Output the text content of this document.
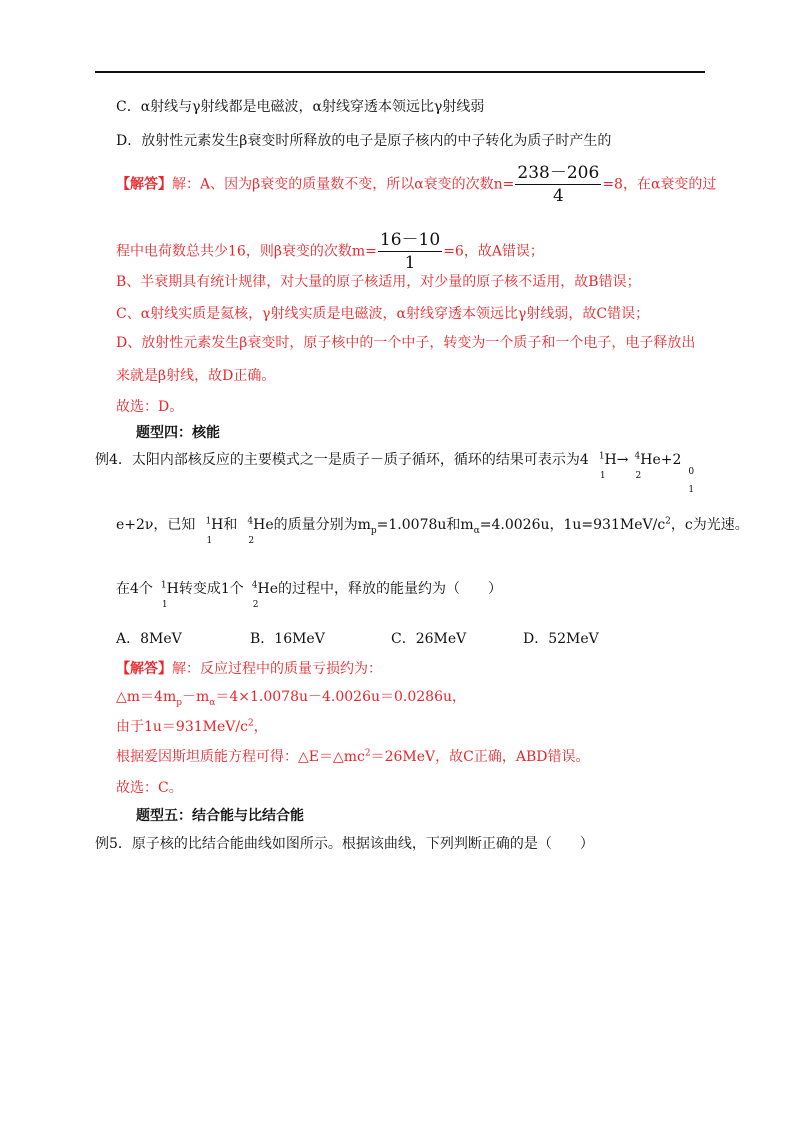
C．α射线与γ射线都是电磁波，α射线穿透本领远比γ射线弱
D．放射性元素发生β衰变时所释放的电子是原子核内的中子转化为质子时产生的
【解答】解：A、因为β衰变的质量数不变，所以α衰变的次数$n= \frac{238-206}{4} =8$，在α衰变的过
程中电荷数总共少16，则β衰变的次数$m= \frac{16-10}{1} =6$，故A错误；
B、半衰期具有统计规律，对大量的原子核适用，对少量的原子核不适用，故B错误；
C、α射线实质是氦核，γ射线实质是电磁波，α射线穿透本领远比γ射线弱，故C错误；
D、放射性元素发生β衰变时，原子核中的一个中子，转变为一个质子和一个电子，电子释放出
来就是β射线，故D正确。
故选：D。
题型四：核能
例4．太阳内部核反应的主要模式之一是质子－质子循环，循环的结果可表示为4 $^1$H
1
→ $^4$He
2
+2
0
1
e+2ν，已知 $^1$H
1
和 $^4$He
2
的质量分别为$m_p=1.0078u$和$m_\alpha=4.0026u$，$1u=931MeV/c^2$，c为光速。
在4个 $^1$H
1
转变成1个 $^4$He
2
的过程中，释放的能量约为（　　）
A．8MeV	B．16MeV	C．26MeV	D．52MeV
【解答】解：反应过程中的质量亏损约为：
$\triangle m=4m_p-m_\alpha=4\times 1.0078u-4.0026u=0.0286u$，
由于$1u=931MeV/c^2$，
根据爱因斯坦质能方程可得：$\triangle E=\triangle mc^2=26MeV$，故C正确，ABD错误。
故选：C。
题型五：结合能与比结合能
例5．原子核的比结合能曲线如图所示。根据该曲线，下列判断正确的是（　　）
